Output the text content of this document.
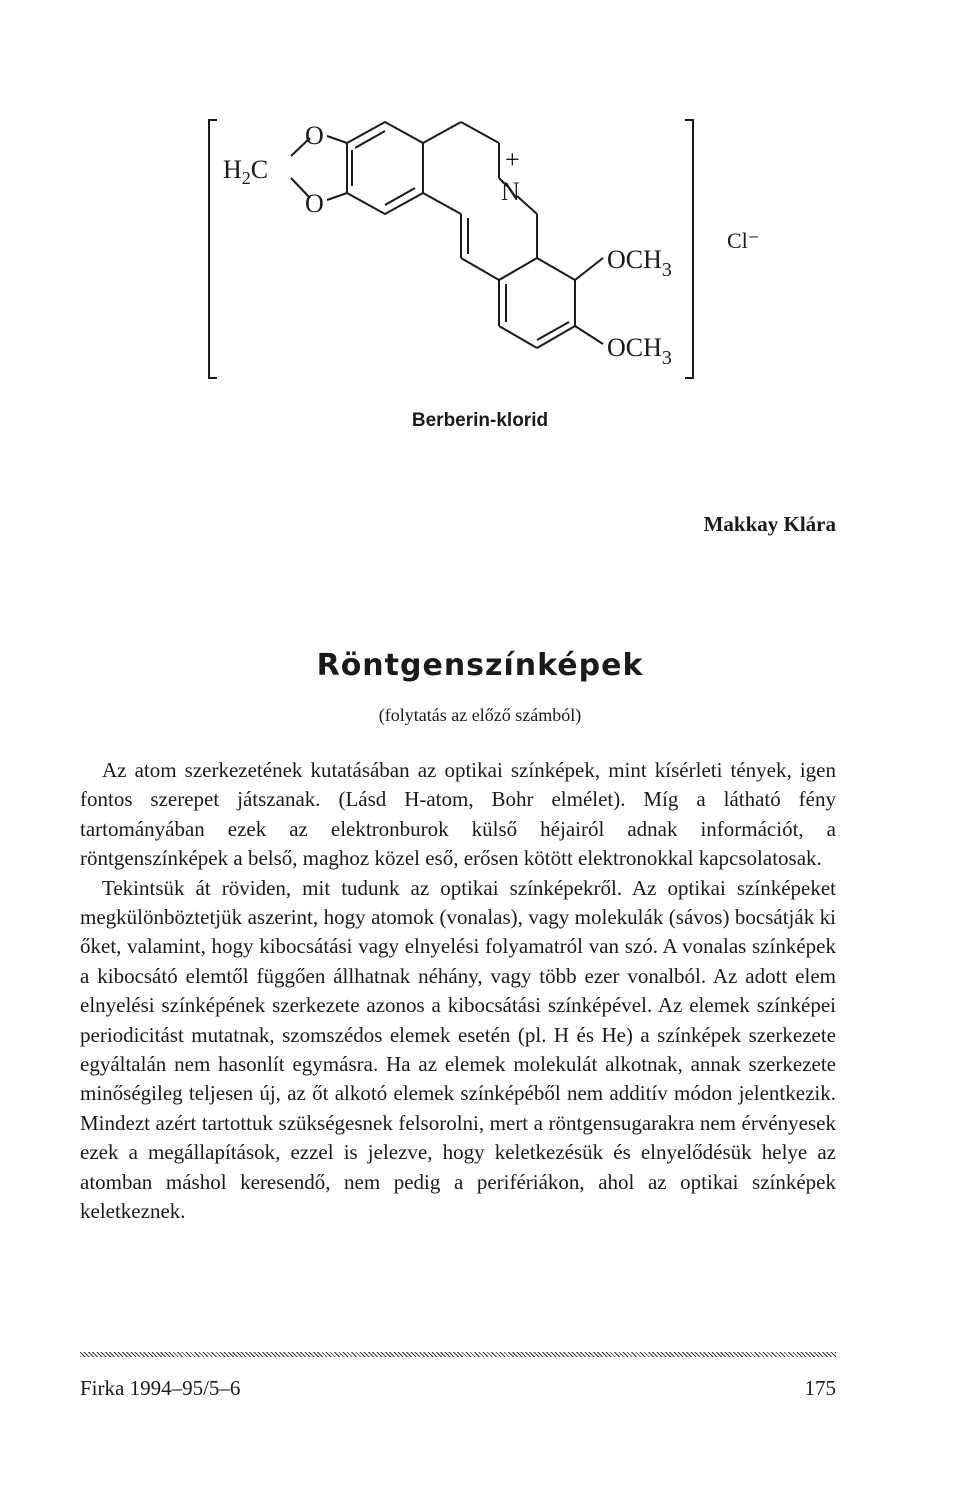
$H_2C$
O
O	N
+
$OCH_3$
$OCH_3$
Cl⁻
Berberin-klorid
Makkay Klára
Röntgenszínképek
(folytatás az előző számból)

Az atom szerkezetének kutatásában az optikai színképek, mint kísérleti tények, igen fontos szerepet játszanak. (Lásd H-atom, Bohr elmélet). Míg a látható fény tartományában ezek az elektronburok külső héjairól adnak információt, a röntgenszínképek a belső, maghoz közel eső, erősen kötött elektronokkal kapcsolatosak.

Tekintsük át röviden, mit tudunk az optikai színképekről. Az optikai színképeket megkülönböztetjük aszerint, hogy atomok (vonalas), vagy molekulák (sávos) bocsátják ki őket, valamint, hogy kibocsátási vagy elnyelési folyamatról van szó. A vonalas színképek a kibocsátó elemtől függően állhatnak néhány, vagy több ezer vonalból. Az adott elem elnyelési színképének szerkezete azonos a kibocsátási színképével. Az elemek színképei periodicitást mutatnak, szomszédos elemek esetén (pl. H és He) a színképek szerkezete egyáltalán nem hasonlít egymásra. Ha az elemek molekulát alkotnak, annak szerkezete minőségileg teljesen új, az őt alkotó elemek színképéből nem additív módon jelentkezik. Mindezt azért tartottuk szükségesnek felsorolni, mert a röntgensugarakra nem érvényesek ezek a megállapítások, ezzel is jelezve, hogy keletkezésük és elnyelődésük helye az atomban máshol keresendő, nem pedig a perifériákon, ahol az optikai színképek keletkeznek.

Firka 1994–95/5–6	175
